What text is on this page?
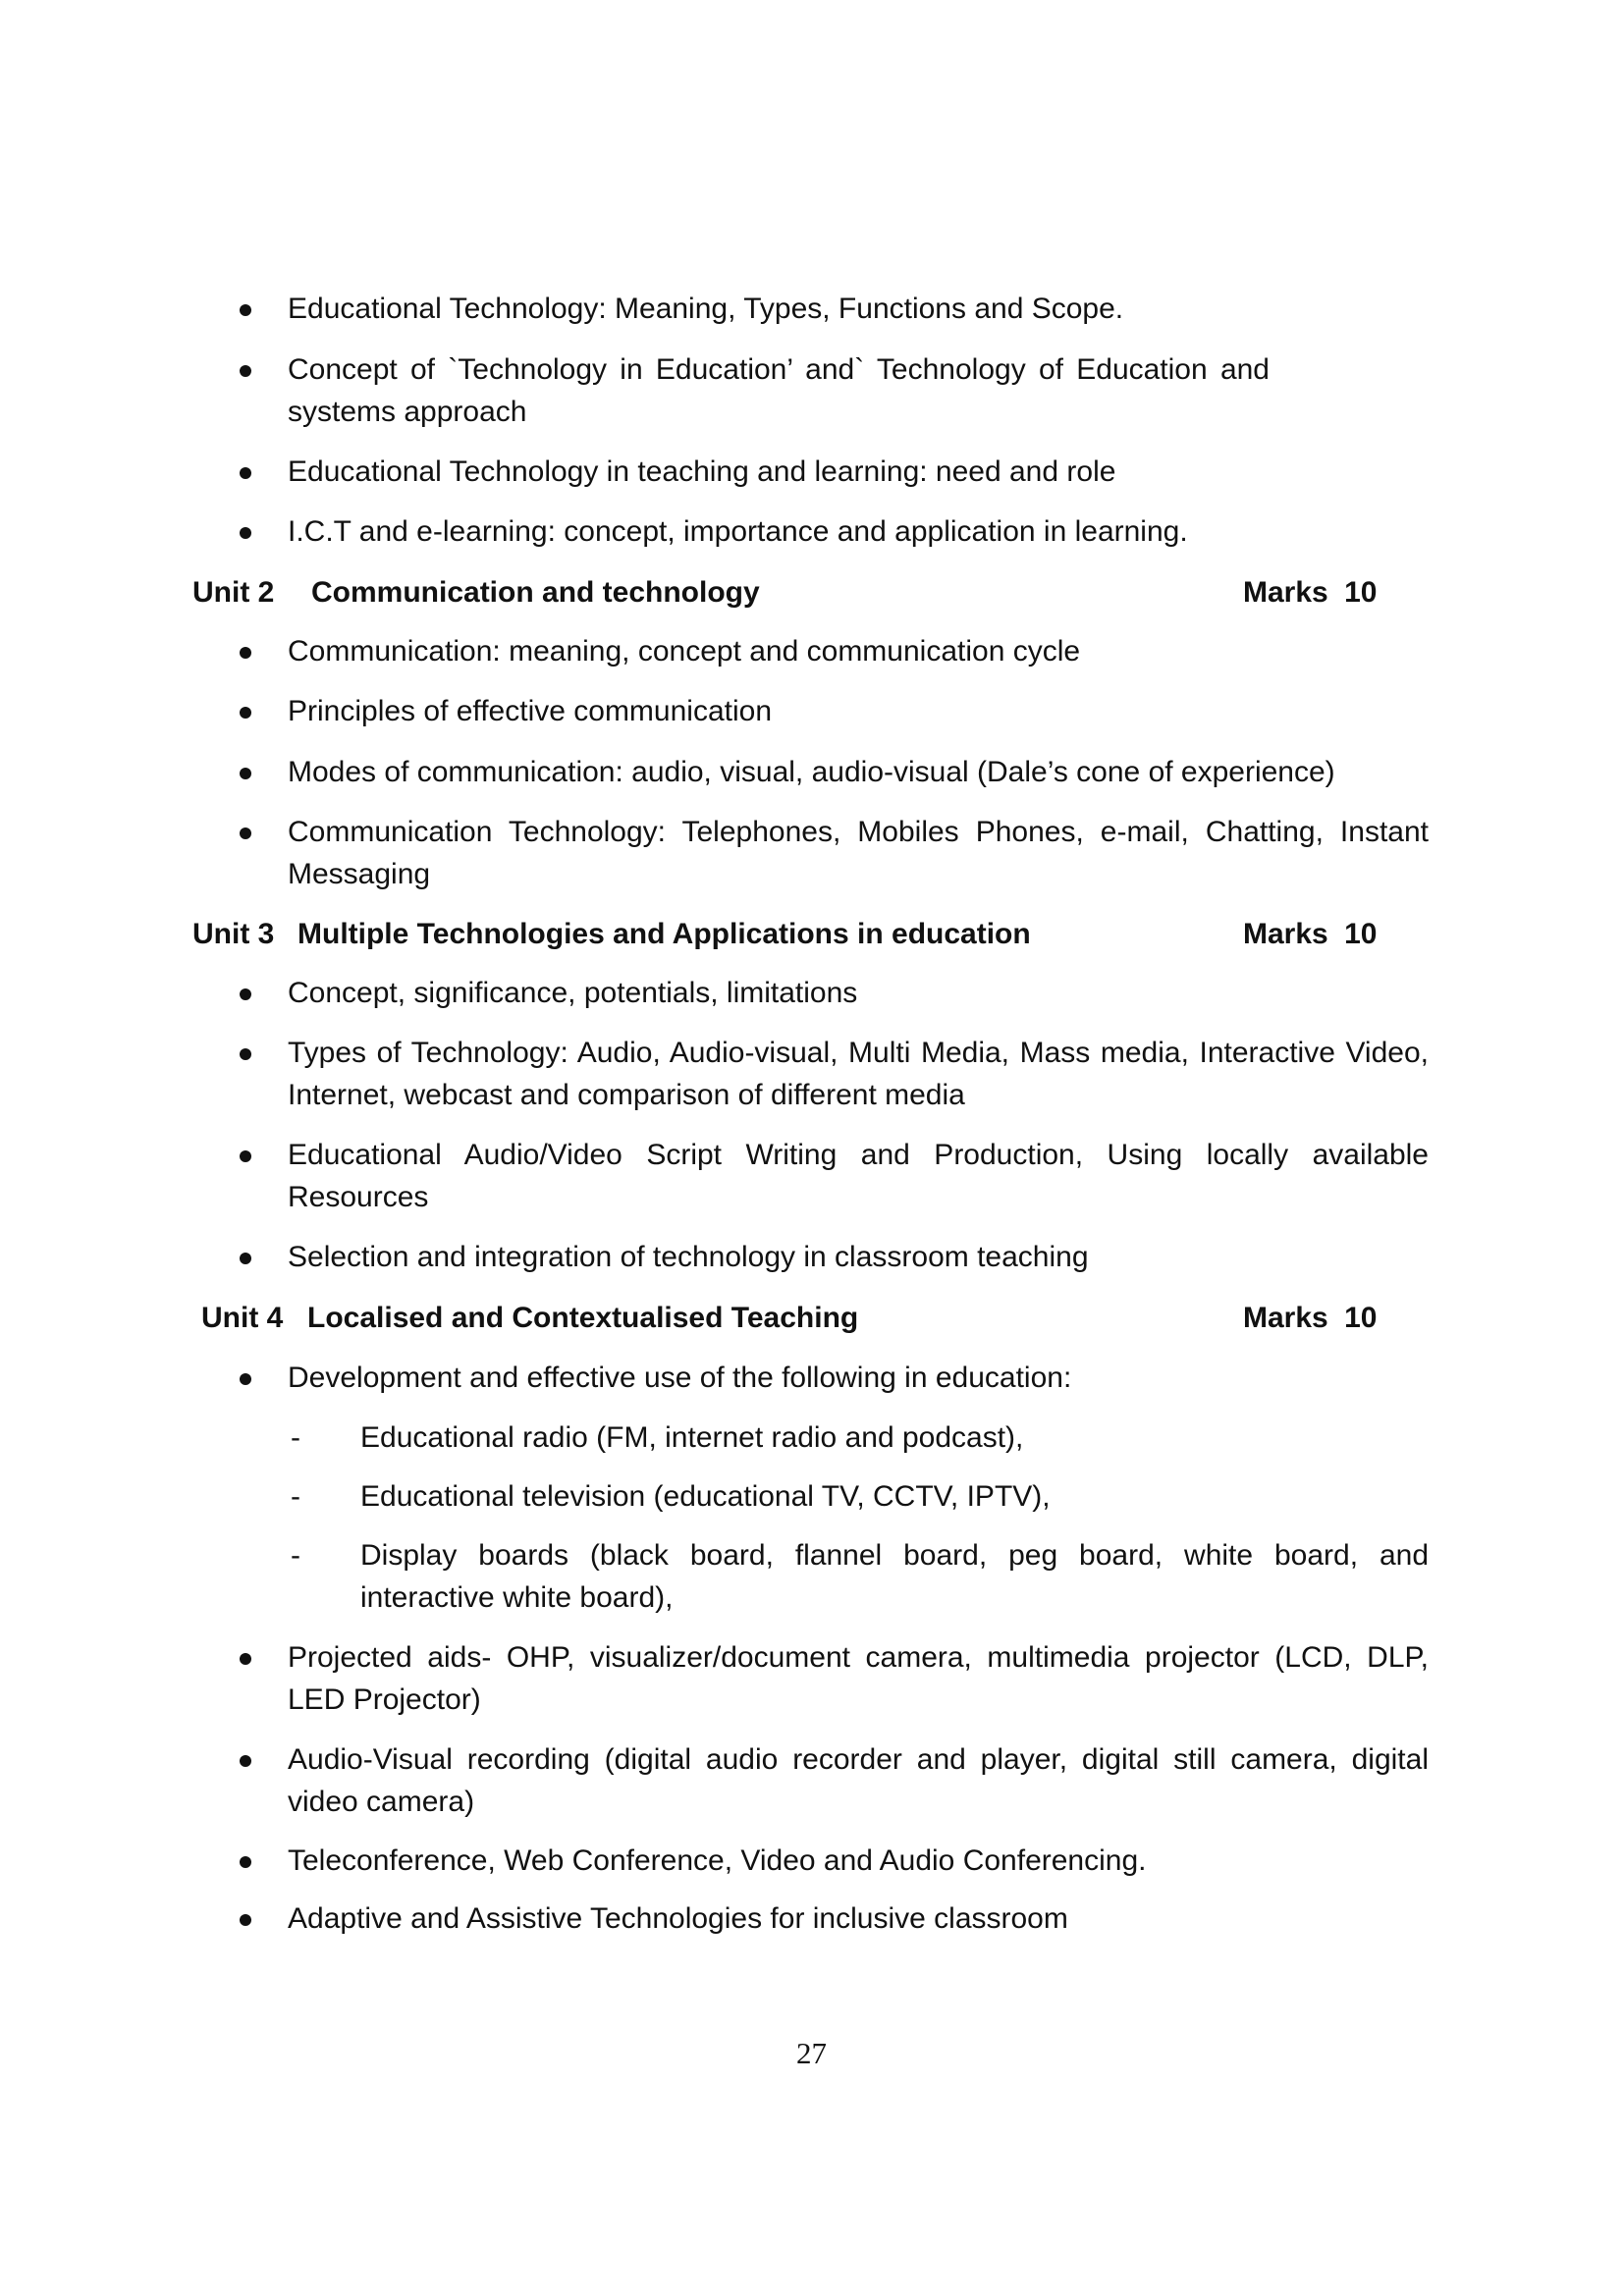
Educational Technology: Meaning, Types, Functions and Scope.
Concept of `Technology in Education’ and` Technology of Education and systems approach
Educational Technology in teaching and learning: need and role
I.C.T and e-learning: concept, importance and application in learning.
Unit 2 Communication and technology	Marks 10
Communication: meaning, concept and communication cycle
Principles of effective communication
Modes of communication: audio, visual, audio-visual (Dale’s cone of experience)
Communication Technology: Telephones, Mobiles Phones, e-mail, Chatting, Instant Messaging
Unit 3 Multiple Technologies and Applications in education	Marks 10
Concept, significance, potentials, limitations
Types of Technology: Audio, Audio-visual, Multi Media, Mass media, Interactive Video, Internet, webcast and comparison of different media
Educational Audio/Video Script Writing and Production, Using locally available Resources
Selection and integration of technology in classroom teaching
Unit 4 Localised and Contextualised Teaching	Marks 10
Development and effective use of the following in education:
- Educational radio (FM, internet radio and podcast),
- Educational television (educational TV, CCTV, IPTV),
- Display boards (black board, flannel board, peg board, white board, and interactive white board),
Projected aids- OHP, visualizer/document camera, multimedia projector (LCD, DLP, LED Projector)
Audio-Visual recording (digital audio recorder and player, digital still camera, digital video camera)
Teleconference, Web Conference, Video and Audio Conferencing.
Adaptive and Assistive Technologies for inclusive classroom
27
